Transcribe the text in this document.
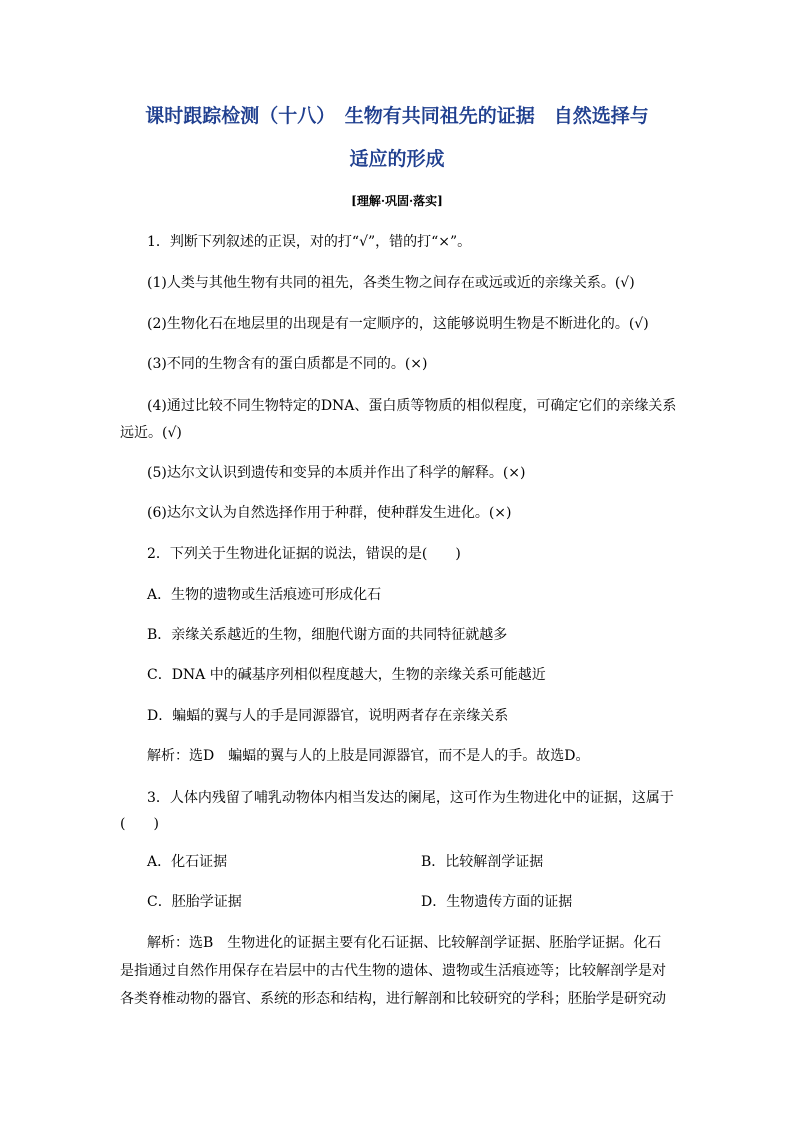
课时跟踪检测（十八）　生物有共同祖先的证据　自然选择与
适应的形成
[理解·巩固·落实]
1．判断下列叙述的正误，对的打“√”，错的打“×”。
(1)人类与其他生物有共同的祖先，各类生物之间存在或远或近的亲缘关系。(√)
(2)生物化石在地层里的出现是有一定顺序的，这能够说明生物是不断进化的。(√)
(3)不同的生物含有的蛋白质都是不同的。(×)
(4)通过比较不同生物特定的DNA、蛋白质等物质的相似程度，可确定它们的亲缘关系
远近。(√)
(5)达尔文认识到遗传和变异的本质并作出了科学的解释。(×)
(6)达尔文认为自然选择作用于种群，使种群发生进化。(×)
2．下列关于生物进化证据的说法，错误的是(　　)
A．生物的遗物或生活痕迹可形成化石
B．亲缘关系越近的生物，细胞代谢方面的共同特征就越多
C．DNA 中的碱基序列相似程度越大，生物的亲缘关系可能越近
D．蝙蝠的翼与人的手是同源器官，说明两者存在亲缘关系
解析：选D　蝙蝠的翼与人的上肢是同源器官，而不是人的手。故选D。
3．人体内残留了哺乳动物体内相当发达的阑尾，这可作为生物进化中的证据，这属于
(　　)
A．化石证据	B．比较解剖学证据
C．胚胎学证据	D．生物遗传方面的证据
解析：选B　生物进化的证据主要有化石证据、比较解剖学证据、胚胎学证据。化石
是指通过自然作用保存在岩层中的古代生物的遗体、遗物或生活痕迹等；比较解剖学是对
各类脊椎动物的器官、系统的形态和结构，进行解剖和比较研究的学科；胚胎学是研究动
